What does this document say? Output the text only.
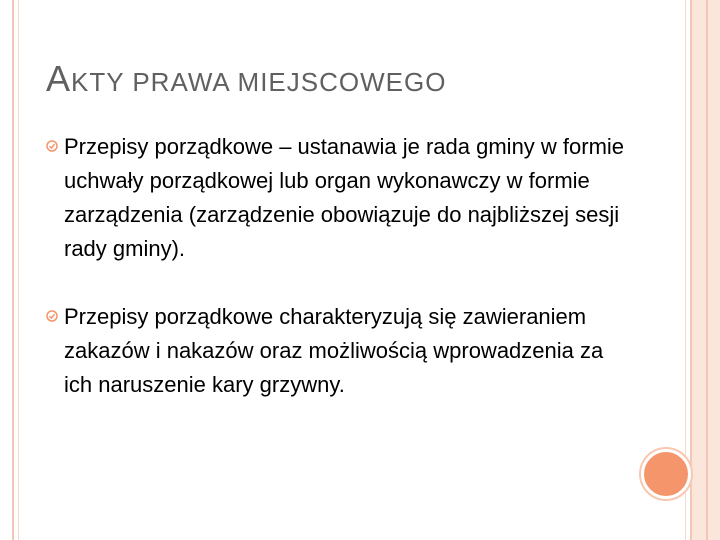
AKTY PRAWA MIEJSCOWEGO

Przepisy porządkowe – ustanawia je rada gminy w formie uchwały porządkowej lub organ wykonawczy w formie zarządzenia (zarządzenie obowiązuje do najbliższej sesji rady gminy).

Przepisy porządkowe charakteryzują się zawieraniem zakazów i nakazów oraz możliwością wprowadzenia za ich naruszenie kary grzywny.
